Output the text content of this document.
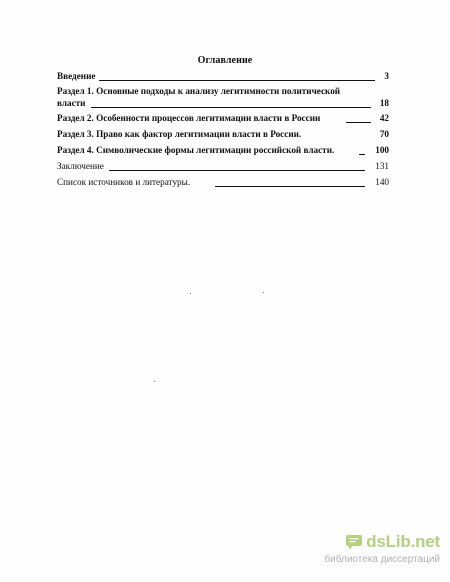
Оглавление
Введение	3
Раздел 1. Основные подходы к анализу легитимности политической
власти	18
Раздел 2. Особенности процессов легитимации власти в России	42
Раздел 3. Право как фактор легитимации власти в России.	70
Раздел 4. Символические формы легитимации российской власти.	100
Заключение	131
Список источников и литературы.	140
dsLib.net
библиотека диссертаций
